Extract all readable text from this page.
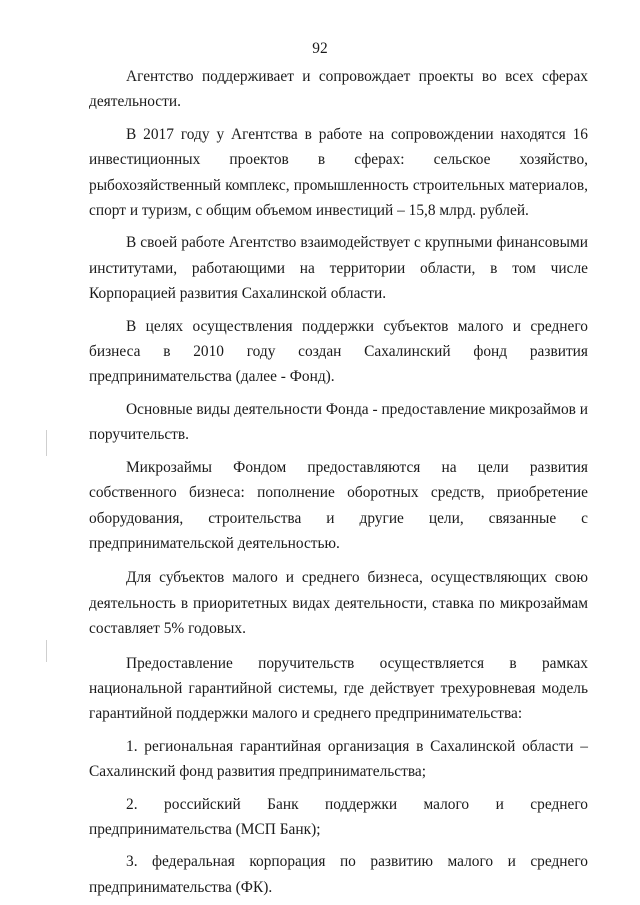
92

Агентство поддерживает и сопровождает проекты во всех сферах деятельности.

В 2017 году у Агентства в работе на сопровождении находятся 16 инвестиционных проектов в сферах: сельское хозяйство, рыбохозяйственный комплекс, промышленность строительных материалов, спорт и туризм, с общим объемом инвестиций – 15,8 млрд. рублей.

В своей работе Агентство взаимодействует с крупными финансовыми институтами, работающими на территории области, в том числе Корпорацией развития Сахалинской области.

В целях осуществления поддержки субъектов малого и среднего бизнеса в 2010 году создан Сахалинский фонд развития предпринимательства (далее - Фонд).

Основные виды деятельности Фонда - предоставление микрозаймов и поручительств.

Микрозаймы Фондом предоставляются на цели развития собственного бизнеса: пополнение оборотных средств, приобретение оборудования, строительства и другие цели, связанные с предпринимательской деятельностью.

Для субъектов малого и среднего бизнеса, осуществляющих свою деятельность в приоритетных видах деятельности, ставка по микрозаймам составляет 5% годовых.

Предоставление поручительств осуществляется в рамках национальной гарантийной системы, где действует трехуровневая модель гарантийной поддержки малого и среднего предпринимательства:

1. региональная гарантийная организация в Сахалинской области – Сахалинский фонд развития предпринимательства;

2. российский Банк поддержки малого и среднего предпринимательства (МСП Банк);

3. федеральная корпорация по развитию малого и среднего предпринимательства (ФК).
